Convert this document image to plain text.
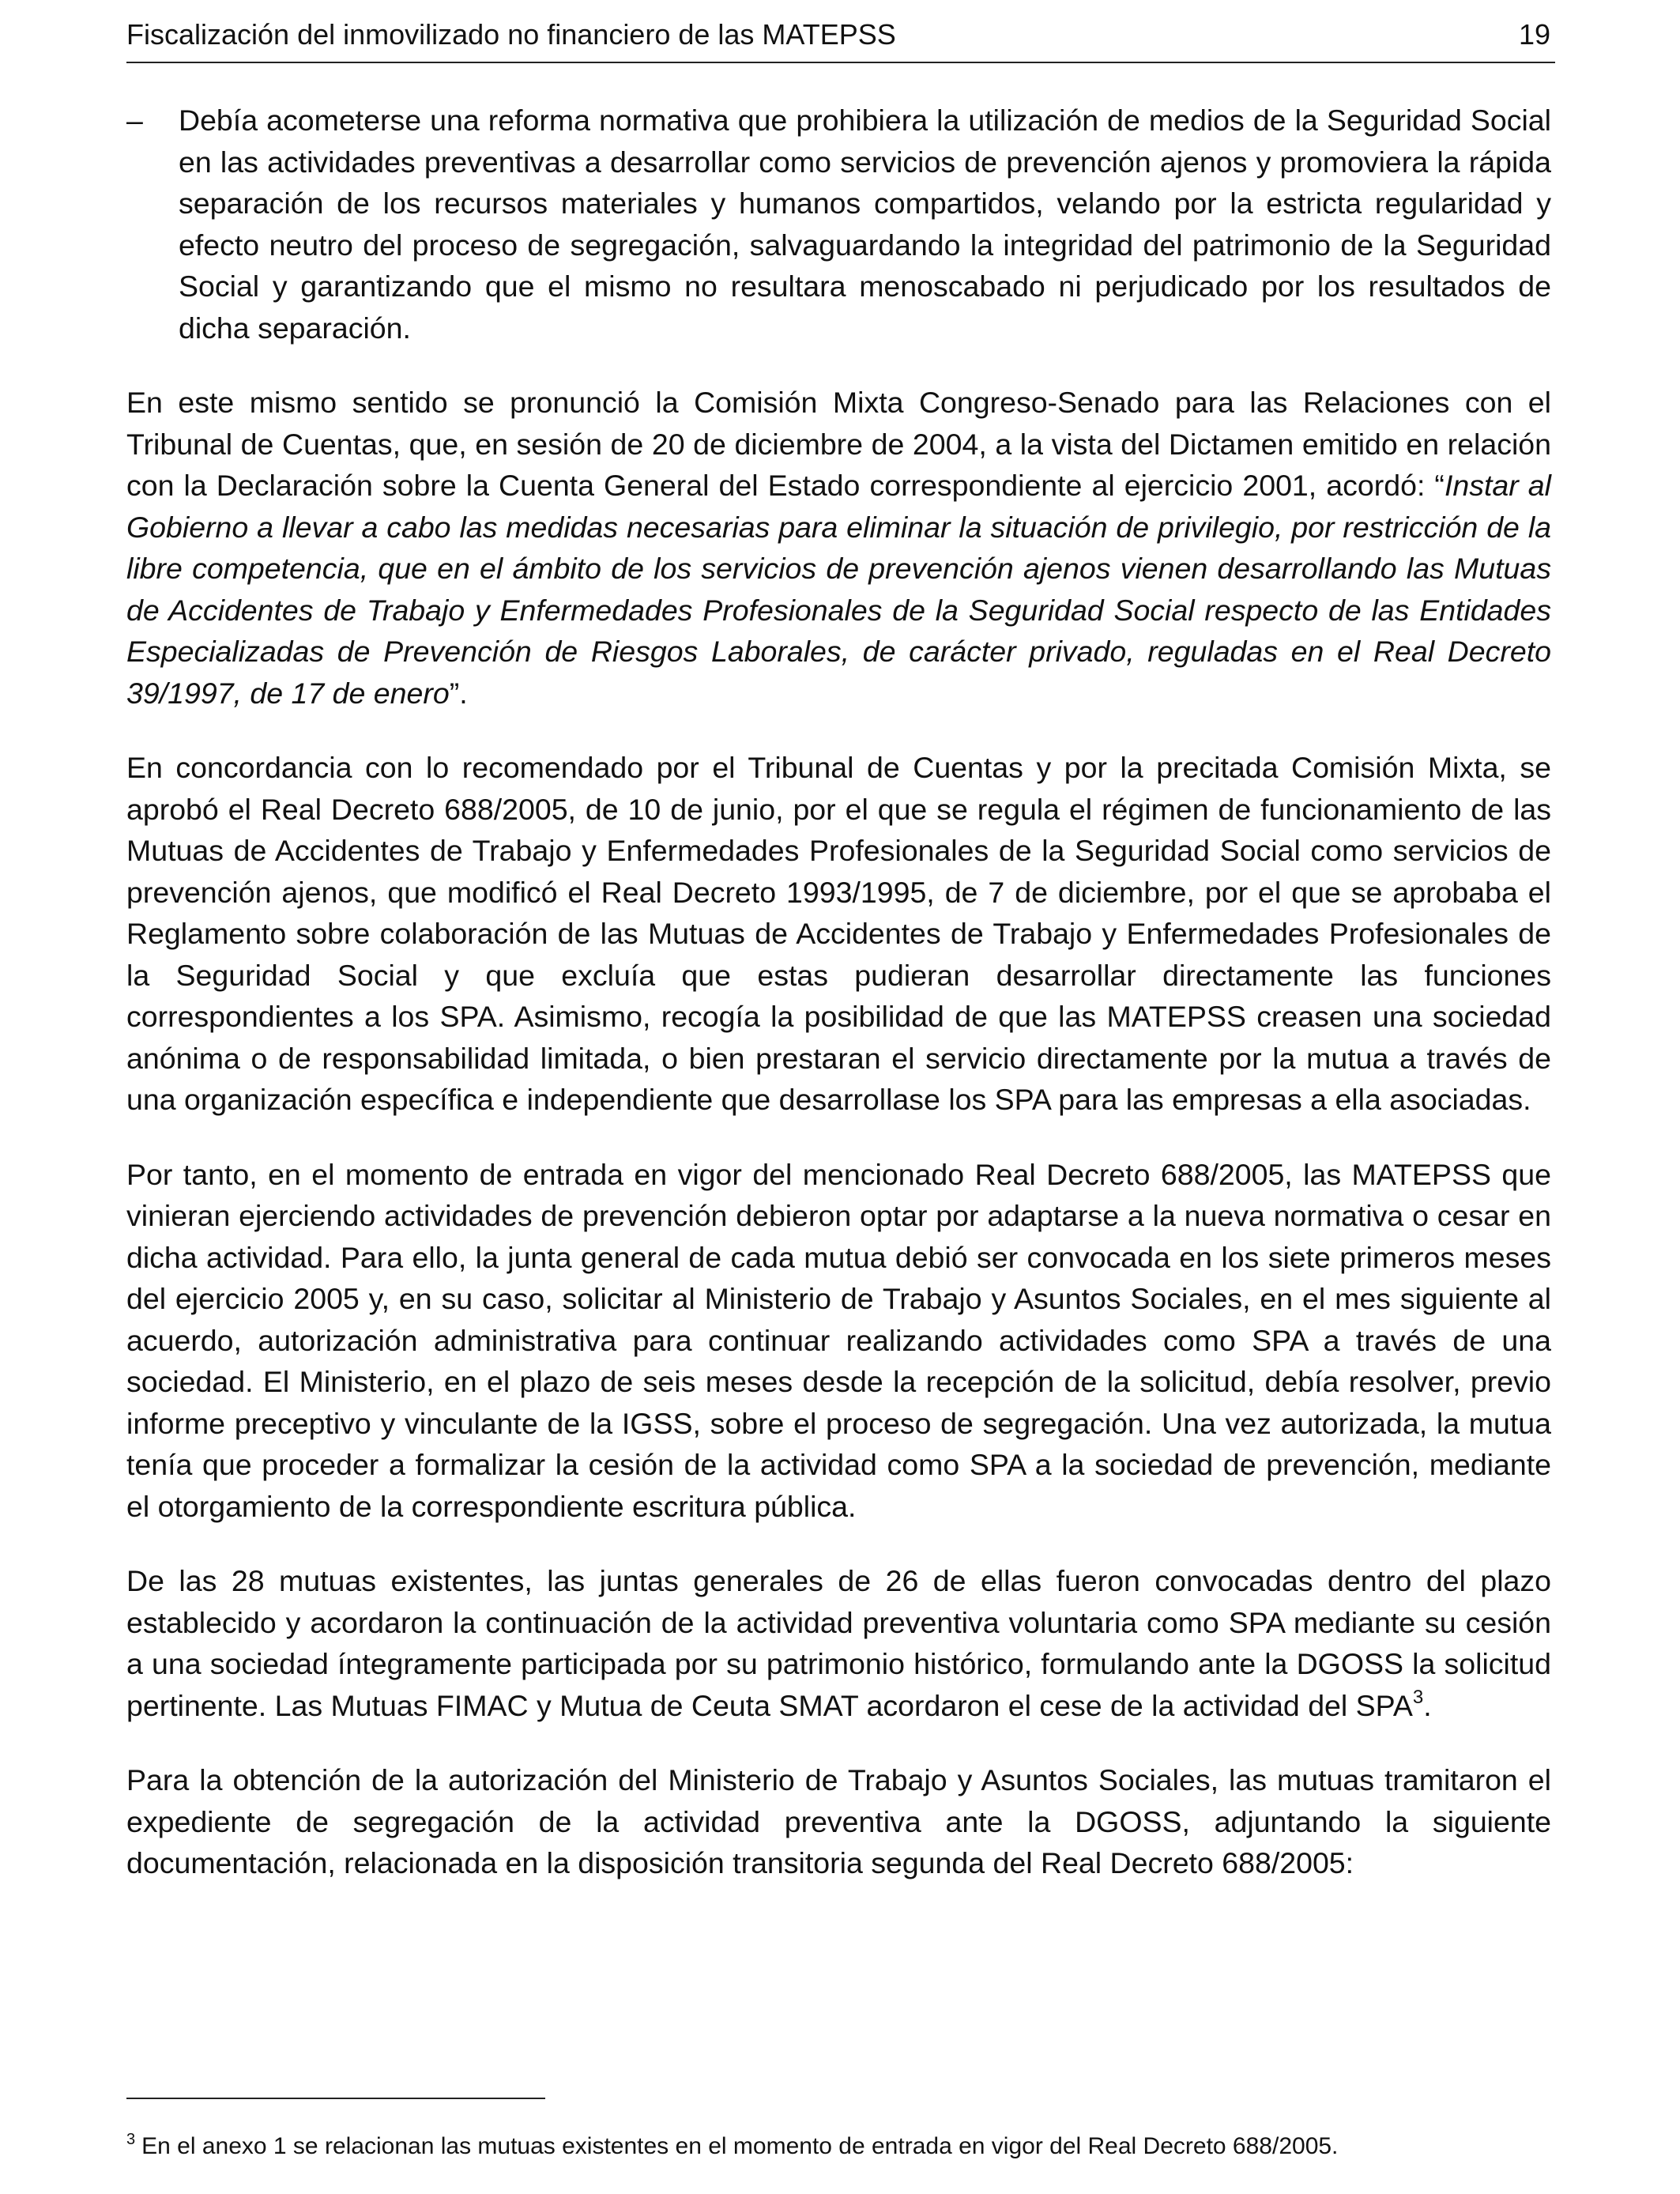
Fiscalización del inmovilizado no financiero de las MATEPSS	19
– Debía acometerse una reforma normativa que prohibiera la utilización de medios de la Seguridad Social en las actividades preventivas a desarrollar como servicios de prevención ajenos y promoviera la rápida separación de los recursos materiales y humanos compartidos, velando por la estricta regularidad y efecto neutro del proceso de segregación, salvaguardando la integridad del patrimonio de la Seguridad Social y garantizando que el mismo no resultara menoscabado ni perjudicado por los resultados de dicha separación.

En este mismo sentido se pronunció la Comisión Mixta Congreso-Senado para las Relaciones con el Tribunal de Cuentas, que, en sesión de 20 de diciembre de 2004, a la vista del Dictamen emitido en relación con la Declaración sobre la Cuenta General del Estado correspondiente al ejercicio 2001, acordó: “Instar al Gobierno a llevar a cabo las medidas necesarias para eliminar la situación de privilegio, por restricción de la libre competencia, que en el ámbito de los servicios de prevención ajenos vienen desarrollando las Mutuas de Accidentes de Trabajo y Enfermedades Profesionales de la Seguridad Social respecto de las Entidades Especializadas de Prevención de Riesgos Laborales, de carácter privado, reguladas en el Real Decreto 39/1997, de 17 de enero”.

En concordancia con lo recomendado por el Tribunal de Cuentas y por la precitada Comisión Mixta, se aprobó el Real Decreto 688/2005, de 10 de junio, por el que se regula el régimen de funcionamiento de las Mutuas de Accidentes de Trabajo y Enfermedades Profesionales de la Seguridad Social como servicios de prevención ajenos, que modificó el Real Decreto 1993/1995, de 7 de diciembre, por el que se aprobaba el Reglamento sobre colaboración de las Mutuas de Accidentes de Trabajo y Enfermedades Profesionales de la Seguridad Social y que excluía que estas pudieran desarrollar directamente las funciones correspondientes a los SPA. Asimismo, recogía la posibilidad de que las MATEPSS creasen una sociedad anónima o de responsabilidad limitada, o bien prestaran el servicio directamente por la mutua a través de una organización específica e independiente que desarrollase los SPA para las empresas a ella asociadas.

Por tanto, en el momento de entrada en vigor del mencionado Real Decreto 688/2005, las MATEPSS que vinieran ejerciendo actividades de prevención debieron optar por adaptarse a la nueva normativa o cesar en dicha actividad. Para ello, la junta general de cada mutua debió ser convocada en los siete primeros meses del ejercicio 2005 y, en su caso, solicitar al Ministerio de Trabajo y Asuntos Sociales, en el mes siguiente al acuerdo, autorización administrativa para continuar realizando actividades como SPA a través de una sociedad. El Ministerio, en el plazo de seis meses desde la recepción de la solicitud, debía resolver, previo informe preceptivo y vinculante de la IGSS, sobre el proceso de segregación. Una vez autorizada, la mutua tenía que proceder a formalizar la cesión de la actividad como SPA a la sociedad de prevención, mediante el otorgamiento de la correspondiente escritura pública.

De las 28 mutuas existentes, las juntas generales de 26 de ellas fueron convocadas dentro del plazo establecido y acordaron la continuación de la actividad preventiva voluntaria como SPA mediante su cesión a una sociedad íntegramente participada por su patrimonio histórico, formulando ante la DGOSS la solicitud pertinente. Las Mutuas FIMAC y Mutua de Ceuta SMAT acordaron el cese de la actividad del SPA$^3$.

Para la obtención de la autorización del Ministerio de Trabajo y Asuntos Sociales, las mutuas tramitaron el expediente de segregación de la actividad preventiva ante la DGOSS, adjuntando la siguiente documentación, relacionada en la disposición transitoria segunda del Real Decreto 688/2005:

$^3$ En el anexo 1 se relacionan las mutuas existentes en el momento de entrada en vigor del Real Decreto 688/2005.
